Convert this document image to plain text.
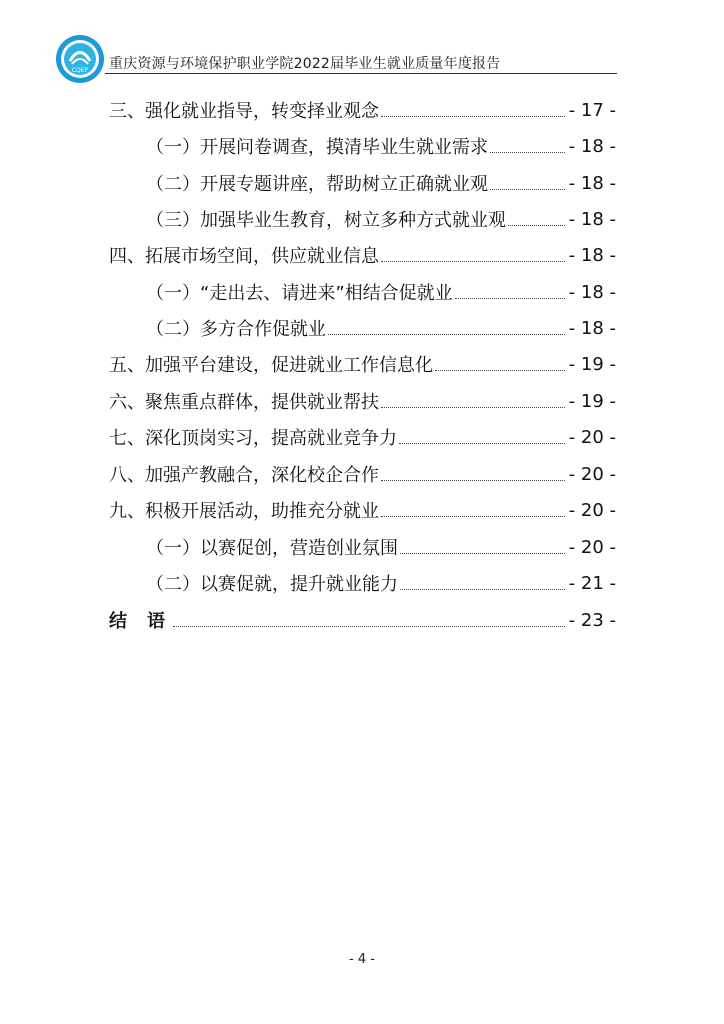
CQEP 重庆资源与环境保护职业学院2022届毕业生就业质量年度报告
三、强化就业指导，转变择业观念	- 17 -
（一）开展问卷调查，摸清毕业生就业需求	- 18 -
（二）开展专题讲座，帮助树立正确就业观	- 18 -
（三）加强毕业生教育，树立多种方式就业观	- 18 -
四、拓展市场空间，供应就业信息	- 18 -
（一）“走出去、请进来”相结合促就业	- 18 -
（二）多方合作促就业	- 18 -
五、加强平台建设，促进就业工作信息化	- 19 -
六、聚焦重点群体，提供就业帮扶	- 19 -
七、深化顶岗实习，提高就业竞争力	- 20 -
八、加强产教融合，深化校企合作	- 20 -
九、积极开展活动，助推充分就业	- 20 -
（一）以赛促创，营造创业氛围	- 20 -
（二）以赛促就，提升就业能力	- 21 -
结语	- 23 -
- 4 -
